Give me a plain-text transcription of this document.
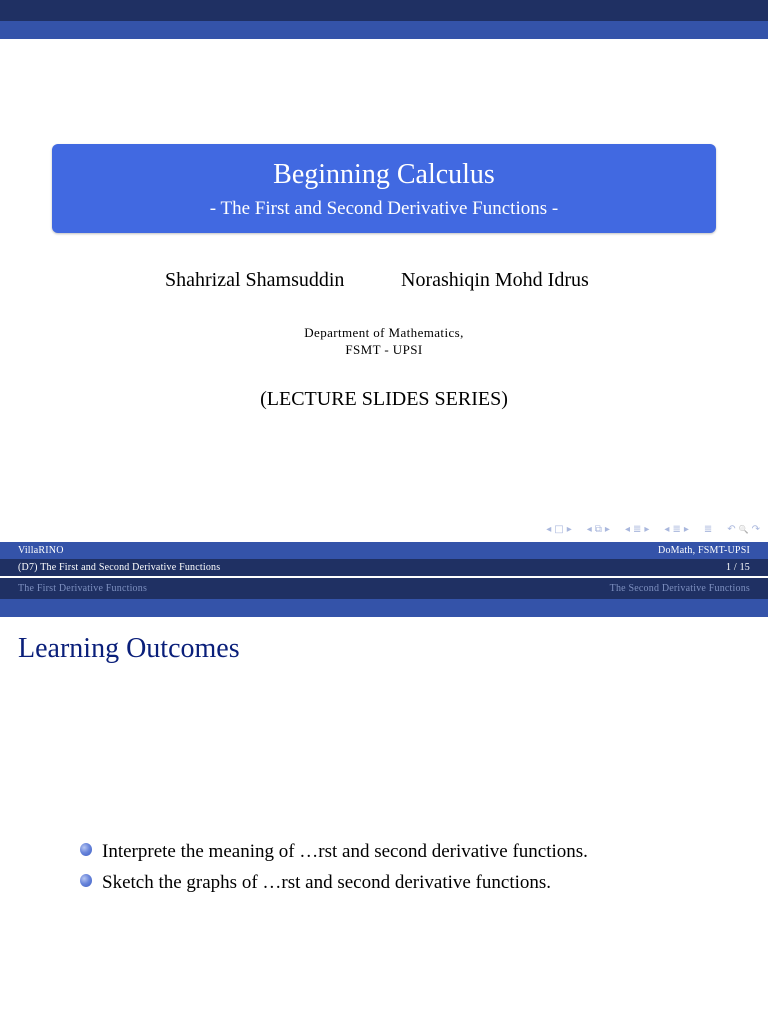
Beginning Calculus
- The First and Second Derivative Functions -
Shahrizal Shamsuddin	Norashiqin Mohd Idrus
Department of Mathematics,
FSMT - UPSI
(LECTURE SLIDES SERIES)
◂ □ ▸ ◂ ⧉ ▸ ◂ ≣ ▸ ◂ ≣ ▸ ≣ ↶ 🔍 ↷
VillaRINO	DoMath, FSMT-UPSI
(D7) The First and Second Derivative Functions	1 / 15
The First Derivative Functions	The Second Derivative Functions
Learning Outcomes
Interprete the meaning of …rst and second derivative functions.
Sketch the graphs of …rst and second derivative functions.
